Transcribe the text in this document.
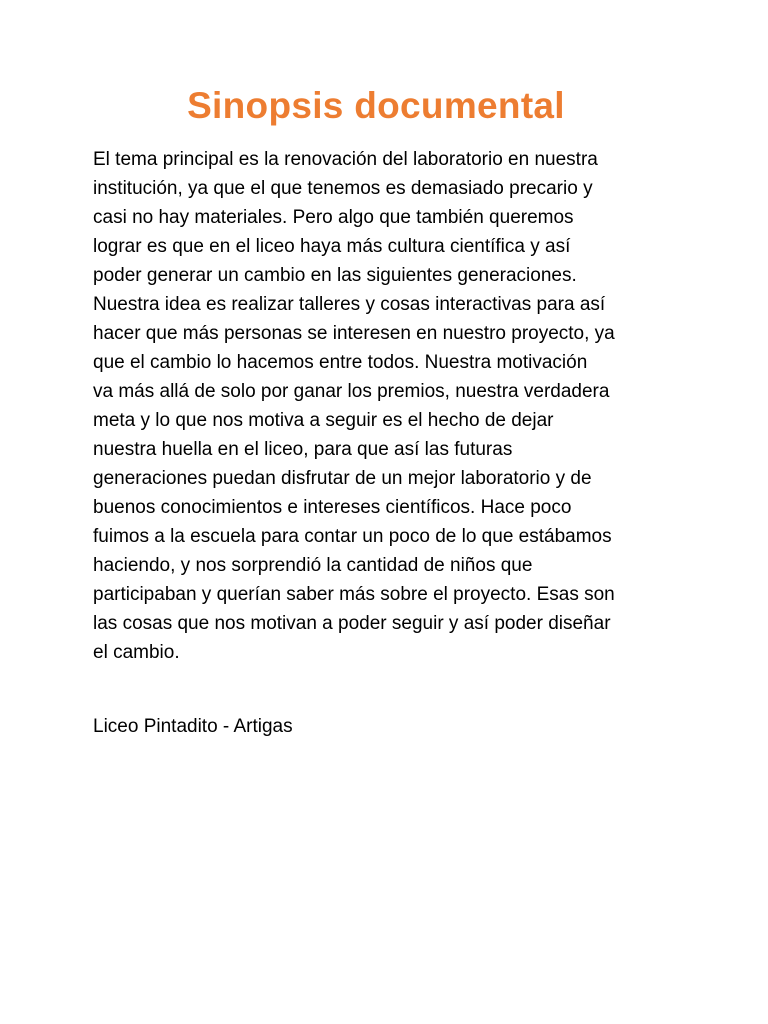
Sinopsis documental
El tema principal es la renovación del laboratorio en nuestra
institución, ya que el que tenemos es demasiado precario y
casi no hay materiales. Pero algo que también queremos
lograr es que en el liceo haya más cultura científica y así
poder generar un cambio en las siguientes generaciones.
Nuestra idea es realizar talleres y cosas interactivas para así
hacer que más personas se interesen en nuestro proyecto, ya
que el cambio lo hacemos entre todos. Nuestra motivación
va más allá de solo por ganar los premios, nuestra verdadera
meta y lo que nos motiva a seguir es el hecho de dejar
nuestra huella en el liceo, para que así las futuras
generaciones puedan disfrutar de un mejor laboratorio y de
buenos conocimientos e intereses científicos. Hace poco
fuimos a la escuela para contar un poco de lo que estábamos
haciendo, y nos sorprendió la cantidad de niños que
participaban y querían saber más sobre el proyecto. Esas son
las cosas que nos motivan a poder seguir y así poder diseñar
el cambio.

Liceo Pintadito - Artigas
